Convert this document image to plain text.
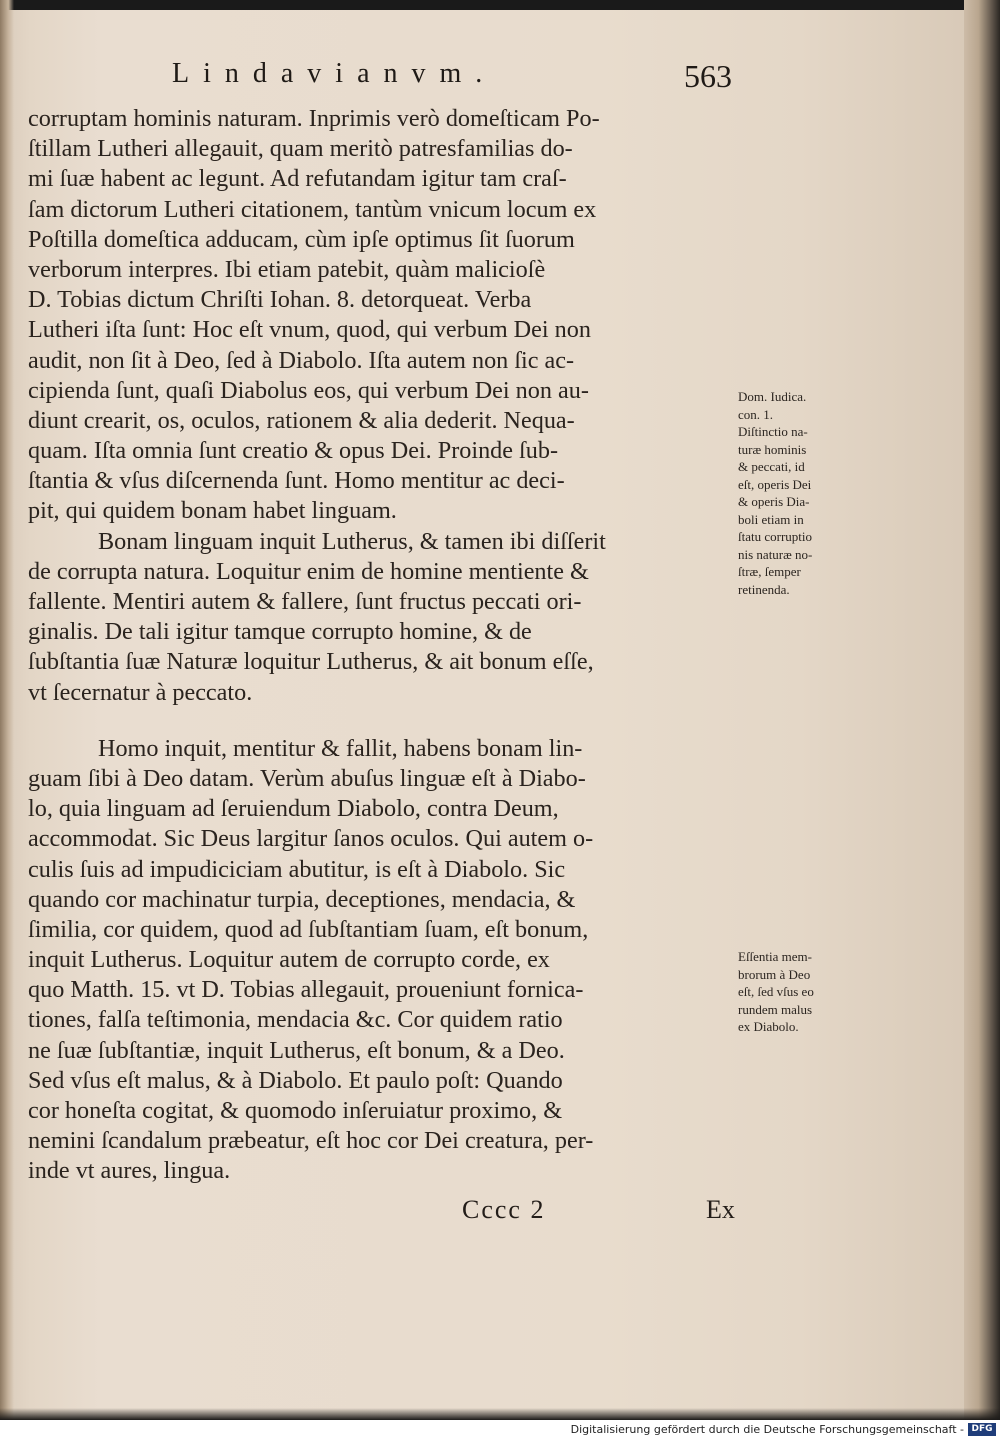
Lindavianvm.	563
corruptam hominis naturam. Inprimis verò domeſticam Po-
ſtillam Lutheri allegauit, quam meritò patresfamilias do-
mi ſuæ habent ac legunt. Ad refutandam igitur tam craſ-
ſam dictorum Lutheri citationem, tantùm vnicum locum ex
Poſtilla domeſtica adducam, cùm ipſe optimus ſit ſuorum
verborum interpres. Ibi etiam patebit, quàm malicioſè
D. Tobias dictum Chriſti Iohan. 8. detorqueat. Verba
Lutheri iſta ſunt: Hoc eſt vnum, quod, qui verbum Dei non
audit, non ſit à Deo, ſed à Diabolo. Iſta autem non ſic ac-
cipienda ſunt, quaſi Diabolus eos, qui verbum Dei non au-
diunt crearit, os, oculos, rationem & alia dederit. Nequa-
quam. Iſta omnia ſunt creatio & opus Dei. Proinde ſub-
ſtantia & vſus diſcernenda ſunt. Homo mentitur ac deci-
pit, qui quidem bonam habet linguam.
Bonam linguam inquit Lutherus, & tamen ibi diſſerit
de corrupta natura. Loquitur enim de homine mentiente &
fallente. Mentiri autem & fallere, ſunt fructus peccati ori-
ginalis. De tali igitur tamque corrupto homine, & de
ſubſtantia ſuæ Naturæ loquitur Lutherus, & ait bonum eſſe,
vt ſecernatur à peccato.
Homo inquit, mentitur & fallit, habens bonam lin-
guam ſibi à Deo datam. Verùm abuſus linguæ eſt à Diabo-
lo, quia linguam ad ſeruiendum Diabolo, contra Deum,
accommodat. Sic Deus largitur ſanos oculos. Qui autem o-
culis ſuis ad impudiciciam abutitur, is eſt à Diabolo. Sic
quando cor machinatur turpia, deceptiones, mendacia, &
ſimilia, cor quidem, quod ad ſubſtantiam ſuam, eſt bonum,
inquit Lutherus. Loquitur autem de corrupto corde, ex
quo Matth. 15. vt D. Tobias allegauit, proueniunt fornica-
tiones, falſa teſtimonia, mendacia &c. Cor quidem ratio
ne ſuæ ſubſtantiæ, inquit Lutherus, eſt bonum, & a Deo.
Sed vſus eſt malus, & à Diabolo. Et paulo poſt: Quando
cor honeſta cogitat, & quomodo inſeruiatur proximo, &
nemini ſcandalum præbeatur, eſt hoc cor Dei creatura, per-
inde vt aures, lingua.
Dom. Iudica.
con. 1.
Diſtinctio na-
turæ hominis
& peccati, id
eſt, operis Dei
& operis Dia-
boli etiam in
ſtatu corruptio
nis naturæ no-
ſtræ, ſemper
retinenda.
Eſſentia mem-
brorum à Deo
eſt, ſed vſus eo
rundem malus
ex Diabolo.
Cccc 2	Ex
Digitalisierung gefördert durch die Deutsche Forschungsgemeinschaft - DFG
